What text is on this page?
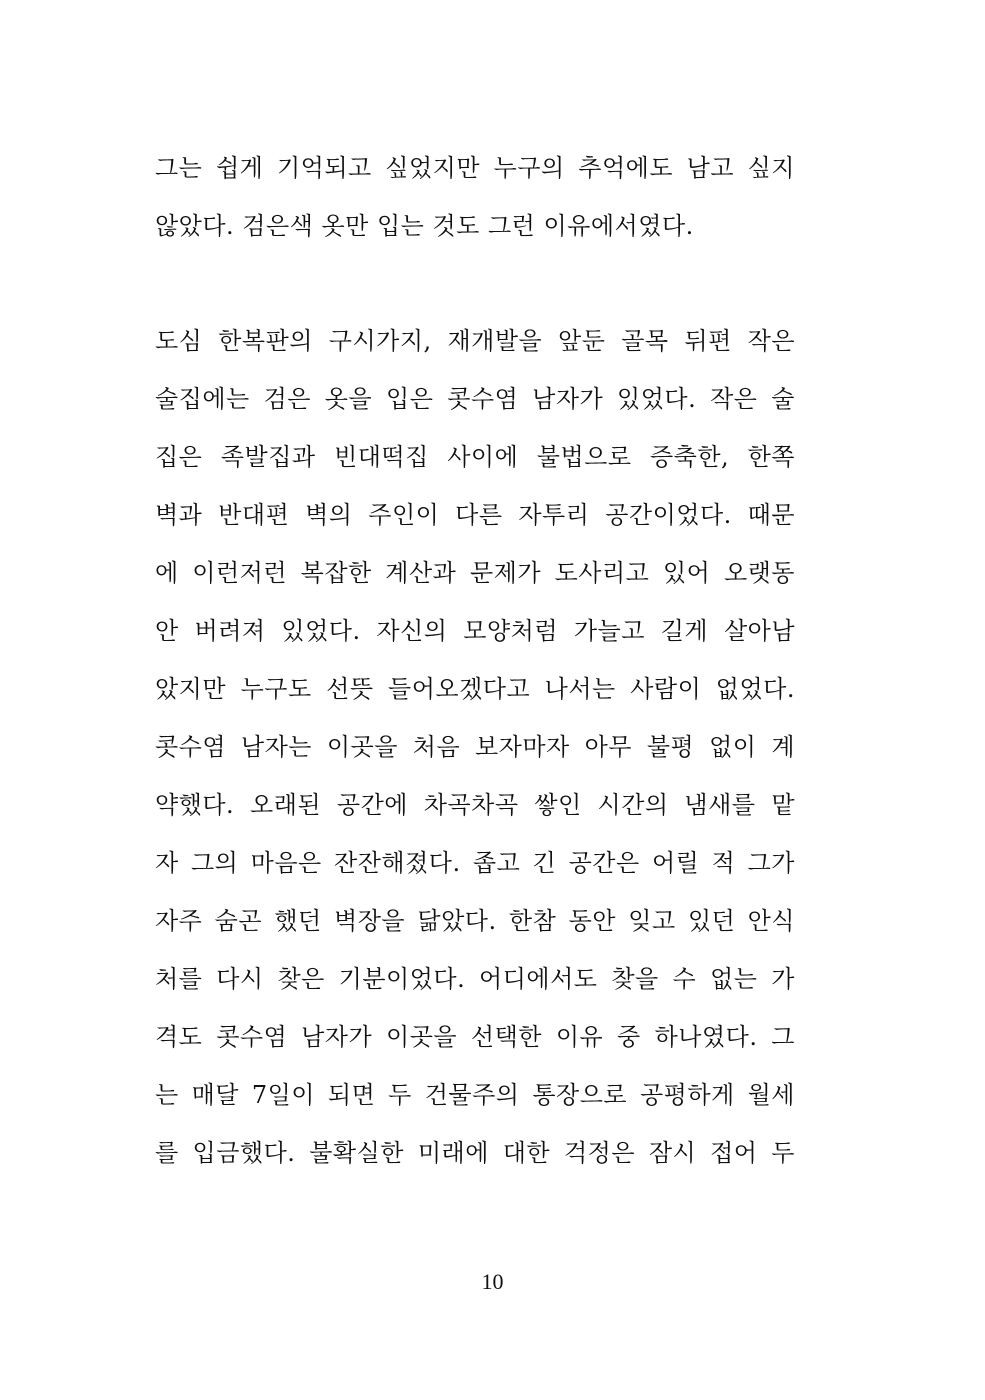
그는 쉽게 기억되고 싶었지만 누구의 추억에도 남고 싶지
않았다. 검은색 옷만 입는 것도 그런 이유에서였다.
도심 한복판의 구시가지, 재개발을 앞둔 골목 뒤편 작은
술집에는 검은 옷을 입은 콧수염 남자가 있었다. 작은 술
집은 족발집과 빈대떡집 사이에 불법으로 증축한, 한쪽
벽과 반대편 벽의 주인이 다른 자투리 공간이었다. 때문
에 이런저런 복잡한 계산과 문제가 도사리고 있어 오랫동
안 버려져 있었다. 자신의 모양처럼 가늘고 길게 살아남
았지만 누구도 선뜻 들어오겠다고 나서는 사람이 없었다.
콧수염 남자는 이곳을 처음 보자마자 아무 불평 없이 계
약했다. 오래된 공간에 차곡차곡 쌓인 시간의 냄새를 맡
자 그의 마음은 잔잔해졌다. 좁고 긴 공간은 어릴 적 그가
자주 숨곤 했던 벽장을 닮았다. 한참 동안 잊고 있던 안식
처를 다시 찾은 기분이었다. 어디에서도 찾을 수 없는 가
격도 콧수염 남자가 이곳을 선택한 이유 중 하나였다. 그
는 매달 7일이 되면 두 건물주의 통장으로 공평하게 월세
를 입금했다. 불확실한 미래에 대한 걱정은 잠시 접어 두
10
